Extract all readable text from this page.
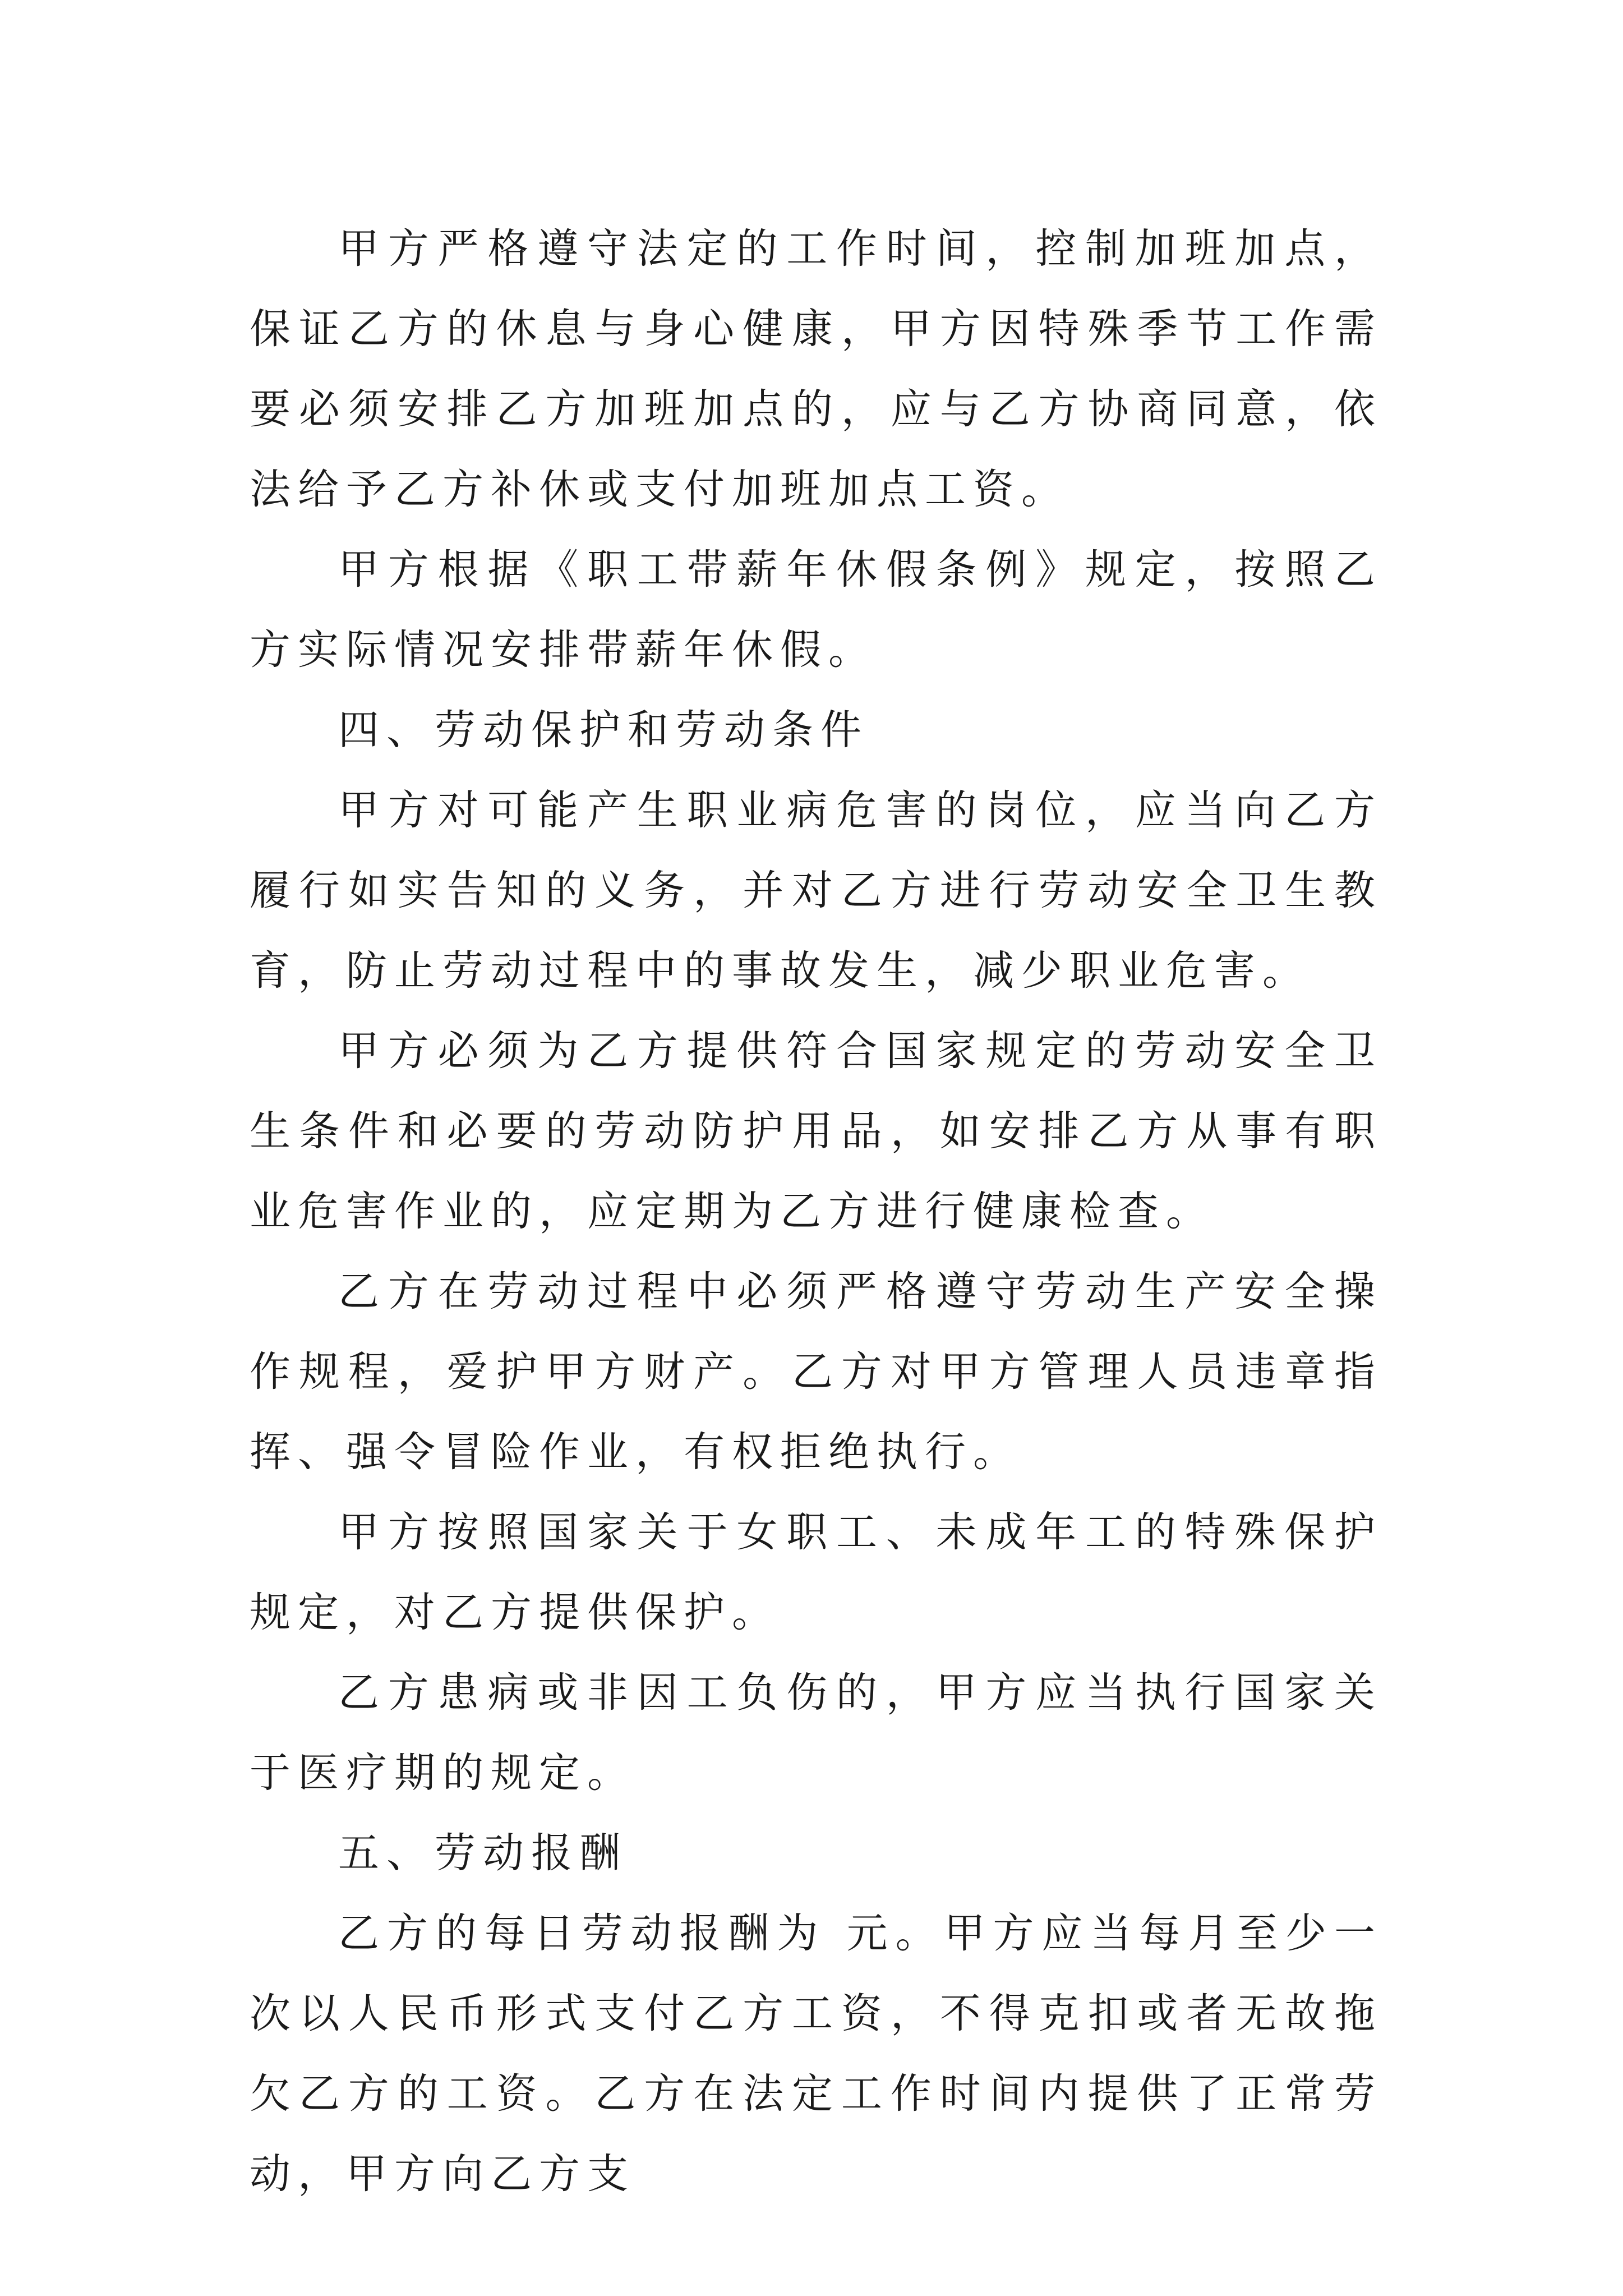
甲方严格遵守法定的工作时间，控制加班加点，保证乙方的休息与身心健康，甲方因特殊季节工作需要必须安排乙方加班加点的，应与乙方协商同意，依法给予乙方补休或支付加班加点工资。

甲方根据《职工带薪年休假条例》规定，按照乙方实际情况安排带薪年休假。

四、劳动保护和劳动条件

甲方对可能产生职业病危害的岗位，应当向乙方履行如实告知的义务，并对乙方进行劳动安全卫生教育，防止劳动过程中的事故发生，减少职业危害。

甲方必须为乙方提供符合国家规定的劳动安全卫生条件和必要的劳动防护用品，如安排乙方从事有职业危害作业的，应定期为乙方进行健康检查。

乙方在劳动过程中必须严格遵守劳动生产安全操作规程，爱护甲方财产。乙方对甲方管理人员违章指挥、强令冒险作业，有权拒绝执行。

甲方按照国家关于女职工、未成年工的特殊保护规定，对乙方提供保护。

乙方患病或非因工负伤的，甲方应当执行国家关于医疗期的规定。

五、劳动报酬

乙方的每日劳动报酬为 元。甲方应当每月至少一次以人民币形式支付乙方工资，不得克扣或者无故拖欠乙方的工资。乙方在法定工作时间内提供了正常劳动，甲方向乙方支
